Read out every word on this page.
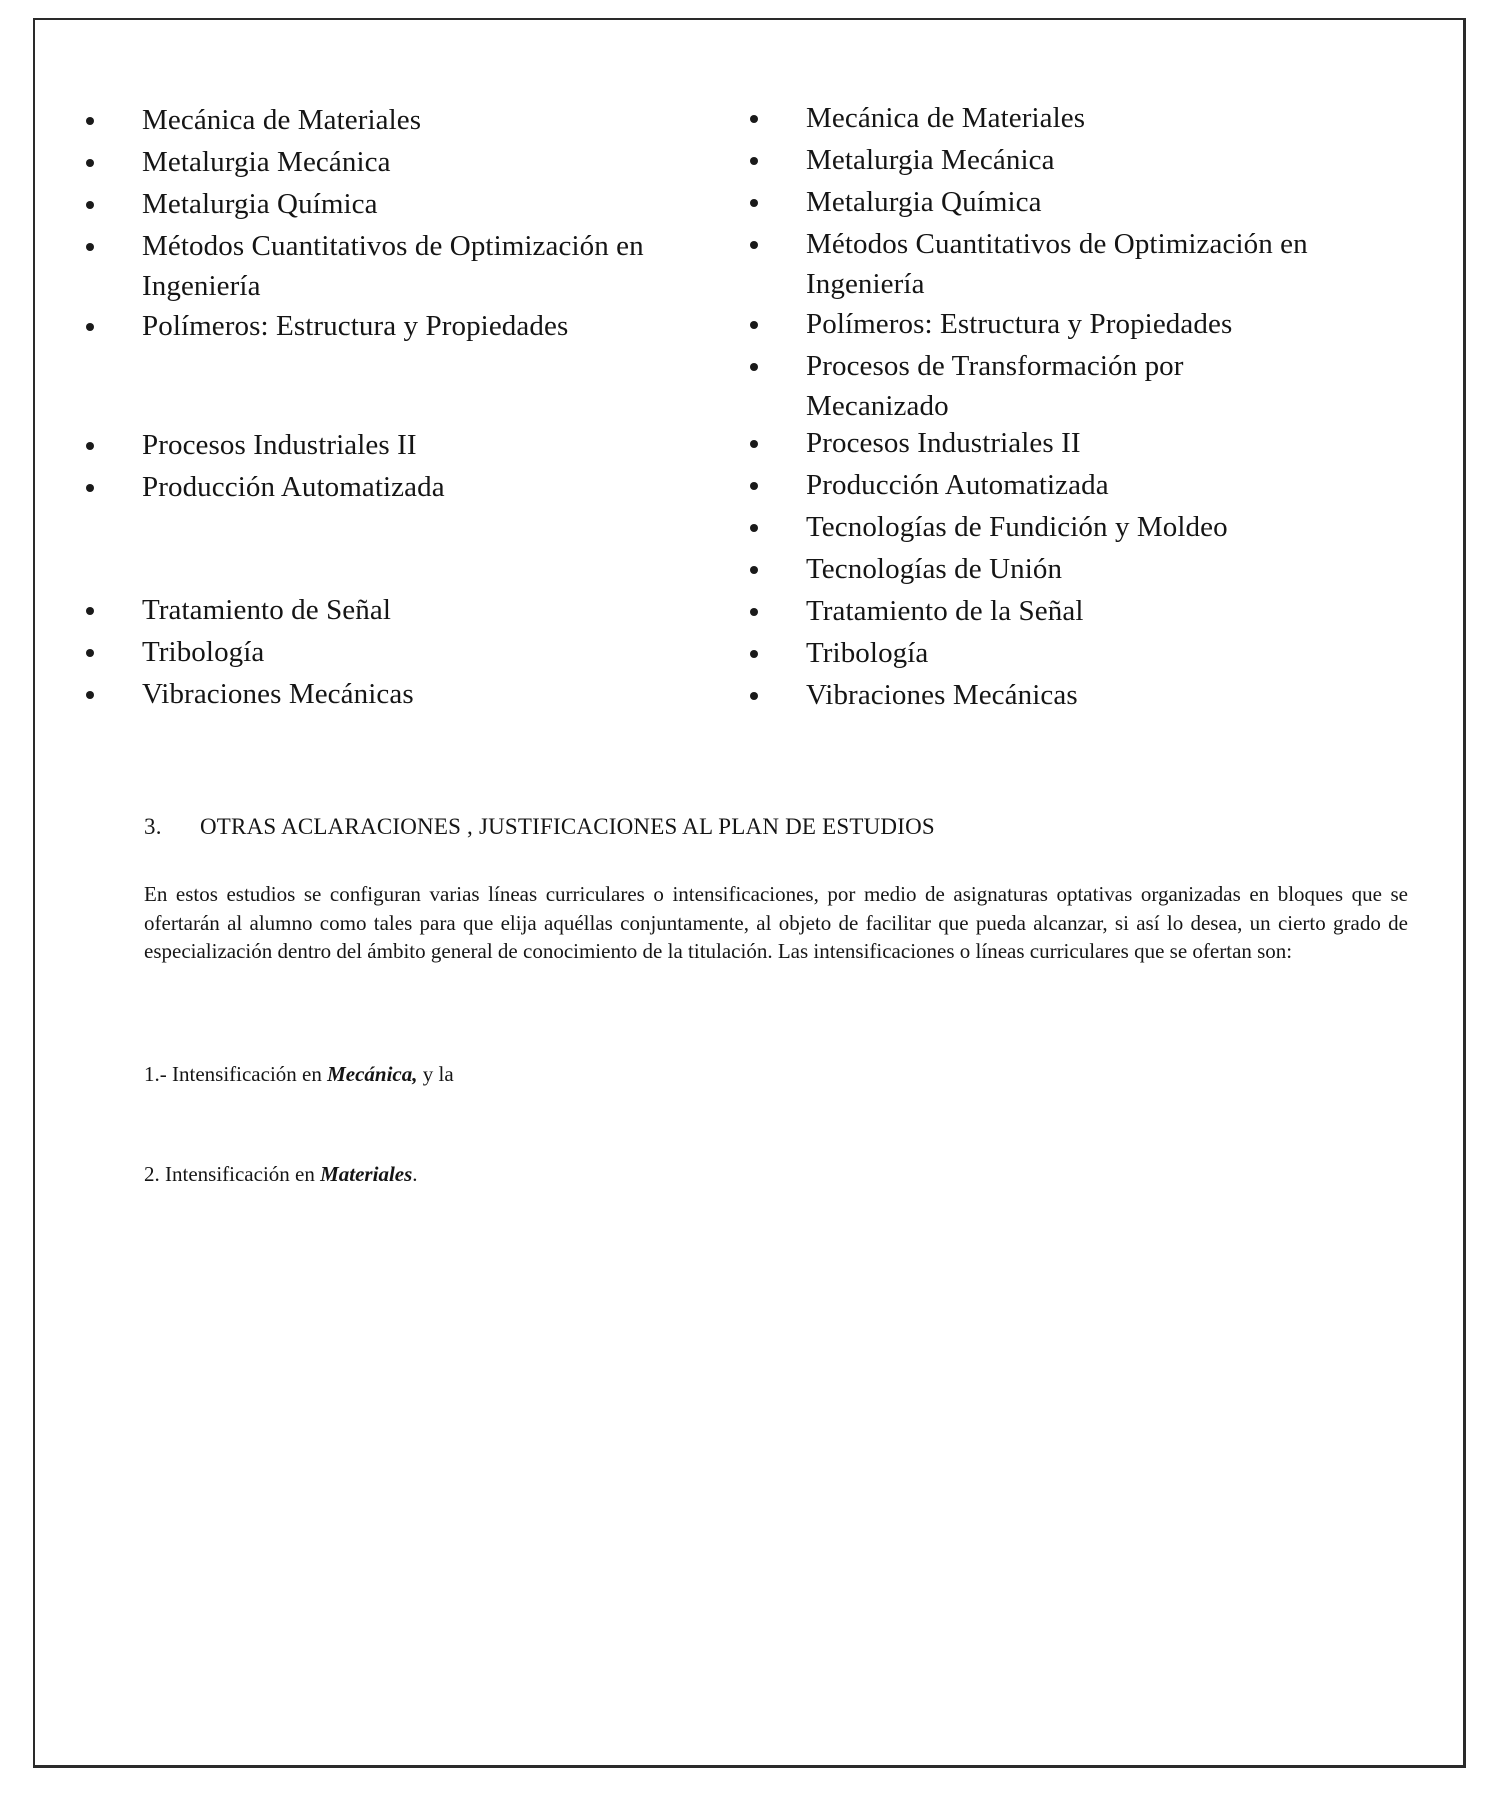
Mecánica de Materiales
Metalurgia Mecánica
Metalurgia Química
Métodos Cuantitativos de Optimización en
Ingeniería
Polímeros: Estructura y Propiedades
Procesos Industriales II
Producción Automatizada
Tratamiento de Señal
Tribología
Vibraciones Mecánicas
Mecánica de Materiales
Metalurgia Mecánica
Metalurgia Química
Métodos Cuantitativos de Optimización en
Ingeniería
Polímeros: Estructura y Propiedades
Procesos de Transformación por
Mecanizado
Procesos Industriales II
Producción Automatizada
Tecnologías de Fundición y Moldeo
Tecnologías de Unión
Tratamiento de la Señal
Tribología
Vibraciones Mecánicas
3. OTRAS ACLARACIONES , JUSTIFICACIONES AL PLAN DE ESTUDIOS
En estos estudios se configuran varias líneas curriculares o intensificaciones, por medio de asignaturas optativas organizadas en bloques que se ofertarán al alumno como tales para que elija aquéllas conjuntamente, al objeto de facilitar que pueda alcanzar, si así lo desea, un cierto grado de especialización dentro del ámbito general de conocimiento de la titulación. Las intensificaciones o líneas curriculares que se ofertan son:
1.- Intensificación en Mecánica, y la
2. Intensificación en Materiales.
